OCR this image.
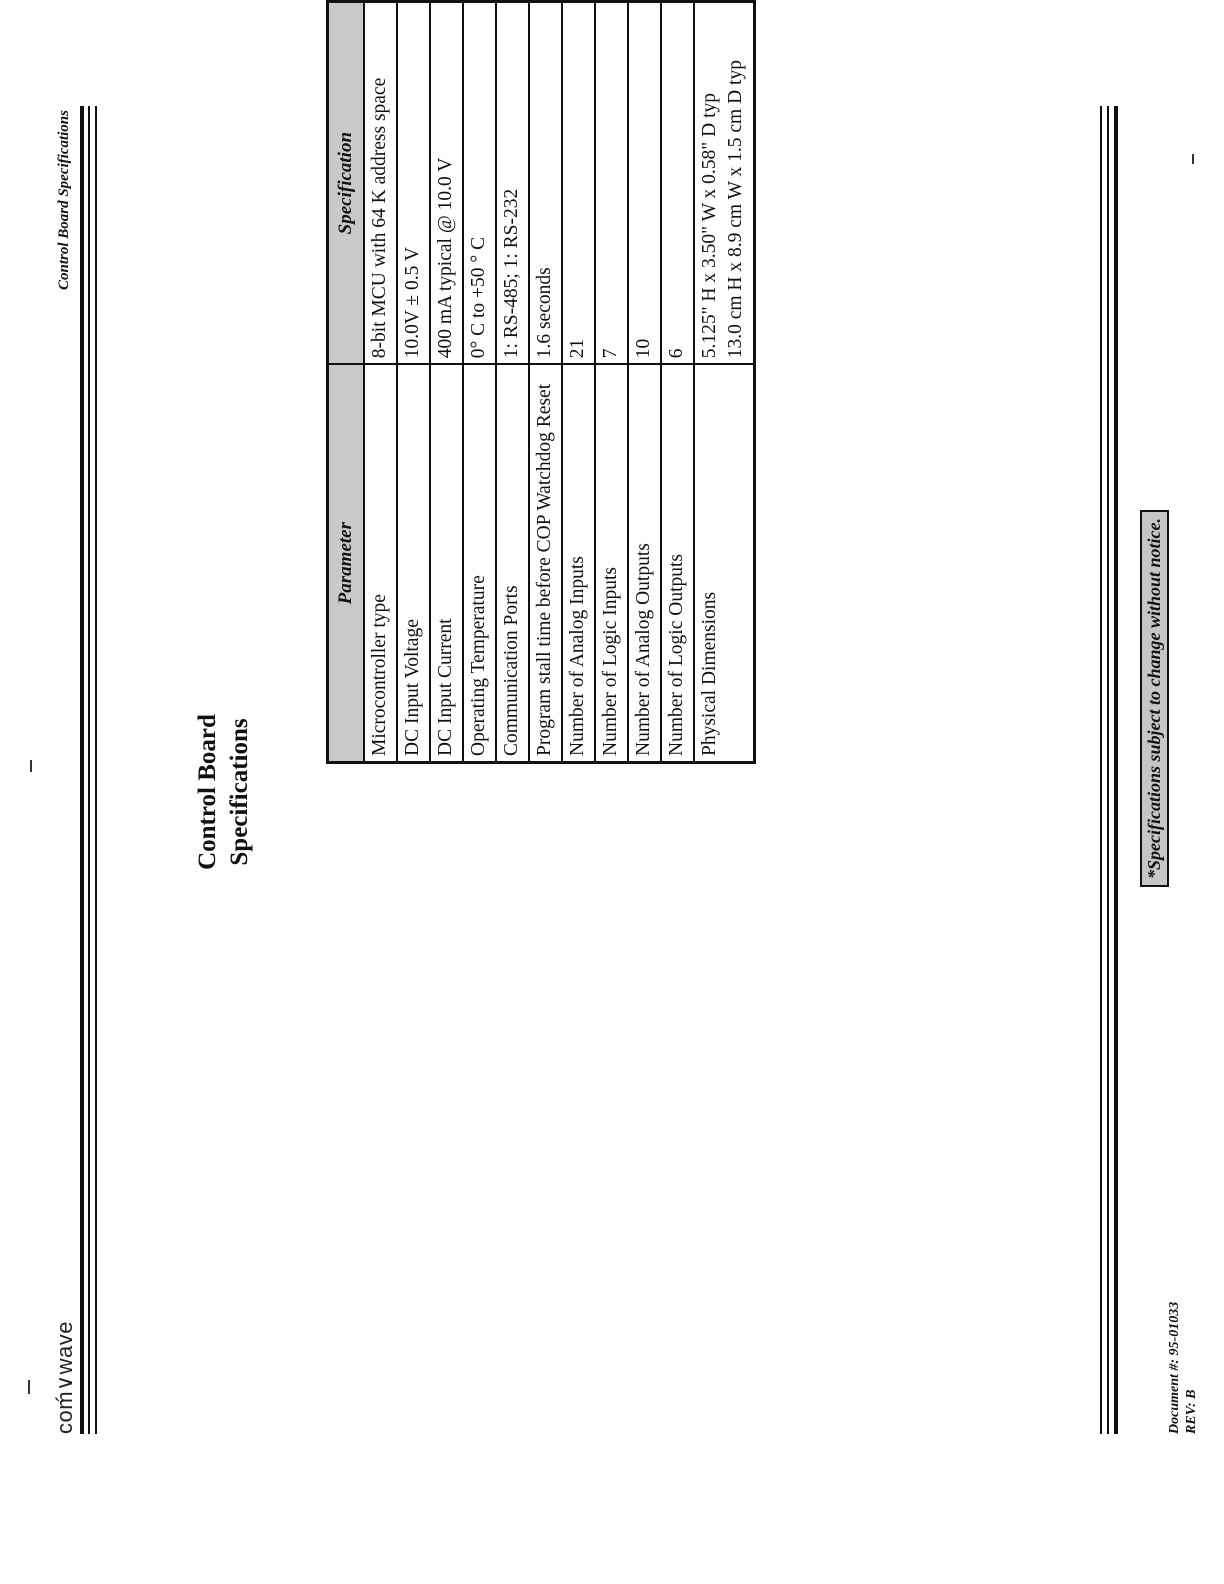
coḿ∨wave
Control Board Specifications
Control Board Specifications
Parameter	Specification
Microcontroller type	8-bit MCU with 64 K address space

DC Input Voltage	10.0V ± 0.5 V

DC Input Current	400 mA typical @ 10.0 V

Operating Temperature	0° C to +50 ° C

Communication Ports	1: RS-485; 1: RS-232

Program stall time before COP Watchdog Reset	1.6 seconds

Number of Analog Inputs	21

Number of Logic Inputs	7

Number of Analog Outputs	10

Number of Logic Outputs	6

Physical Dimensions	5.125" H x 3.50" W x 0.58" D typ 13.0 cm H x 8.9 cm W x 1.5 cm D typ
Document #: 95-01033 REV: B
*Specifications subject to change without notice.
